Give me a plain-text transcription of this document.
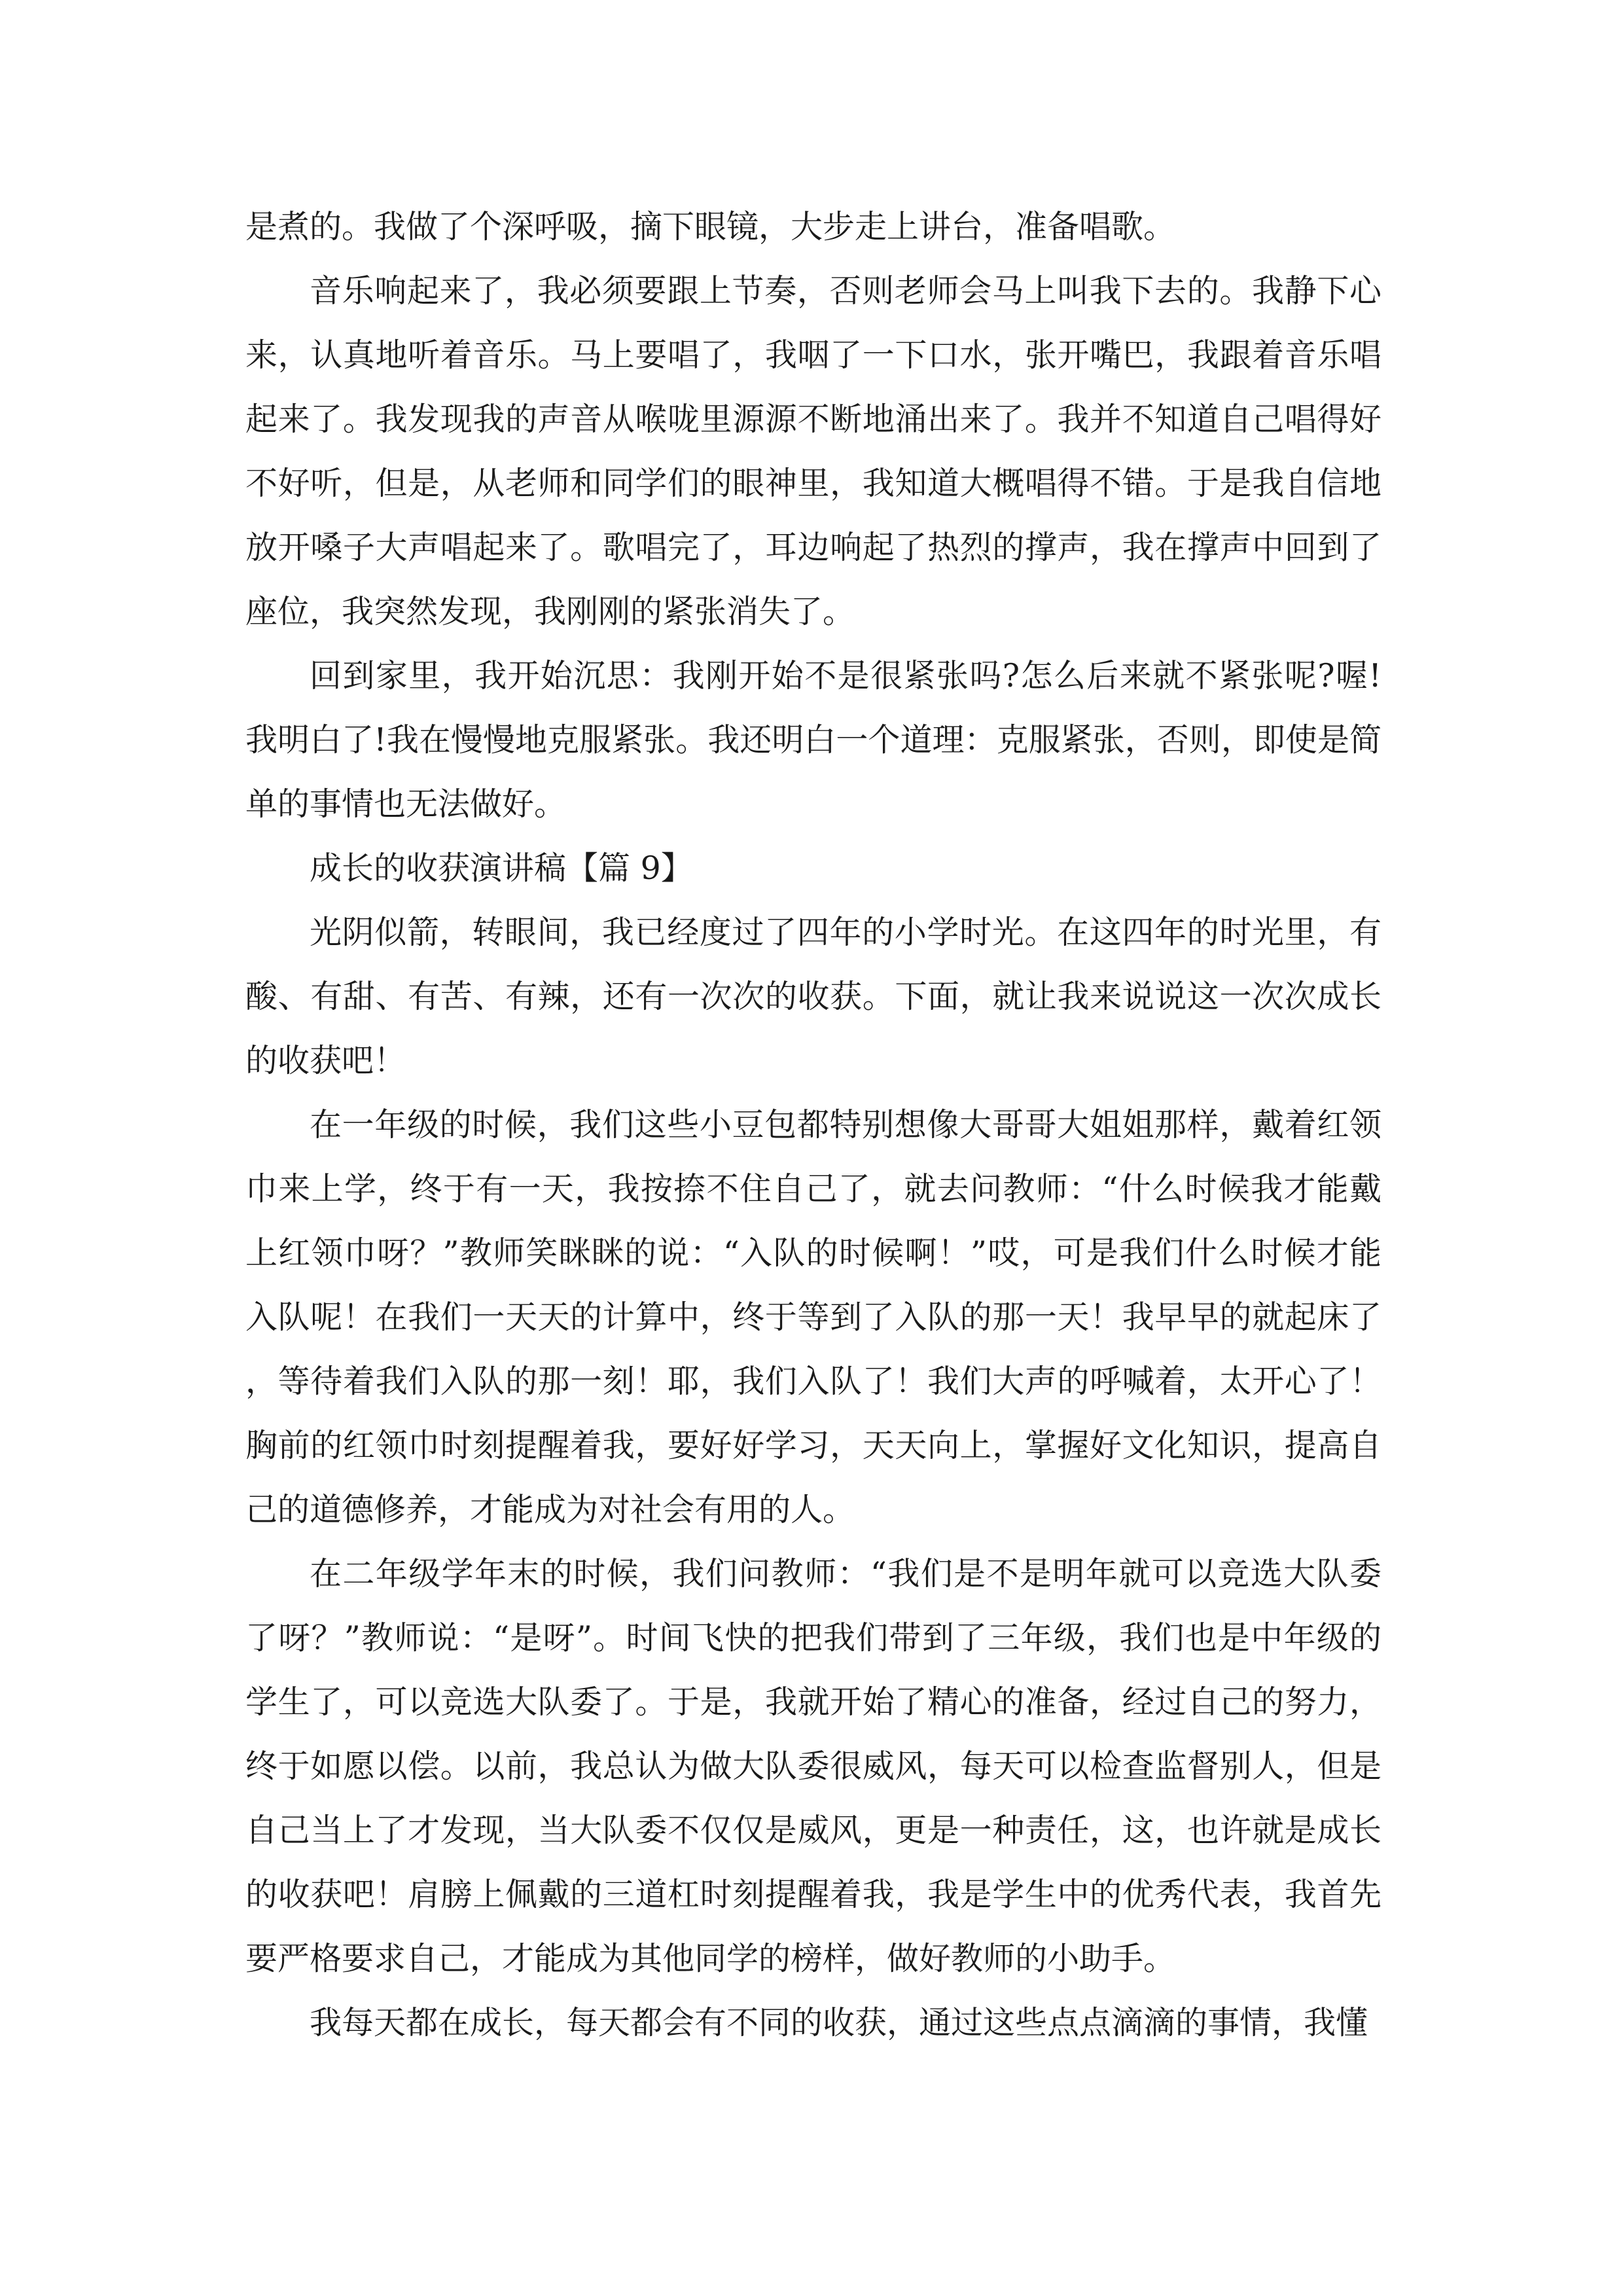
是煮的。我做了个深呼吸，摘下眼镜，大步走上讲台，准备唱歌。

音乐响起来了，我必须要跟上节奏，否则老师会马上叫我下去的。我静下心来，认真地听着音乐。马上要唱了，我咽了一下口水，张开嘴巴，我跟着音乐唱起来了。我发现我的声音从喉咙里源源不断地涌出来了。我并不知道自己唱得好不好听，但是，从老师和同学们的眼神里，我知道大概唱得不错。于是我自信地放开嗓子大声唱起来了。歌唱完了，耳边响起了热烈的撑声，我在撑声中回到了座位，我突然发现，我刚刚的紧张消失了。

回到家里，我开始沉思：我刚开始不是很紧张吗?怎么后来就不紧张呢?喔!我明白了!我在慢慢地克服紧张。我还明白一个道理：克服紧张，否则，即使是简单的事情也无法做好。

成长的收获演讲稿【篇 9】

光阴似箭，转眼间，我已经度过了四年的小学时光。在这四年的时光里，有酸、有甜、有苦、有辣，还有一次次的收获。下面，就让我来说说这一次次成长的收获吧！

在一年级的时候，我们这些小豆包都特别想像大哥哥大姐姐那样，戴着红领巾来上学，终于有一天，我按捺不住自己了，就去问教师：“什么时候我才能戴上红领巾呀？”教师笑眯眯的说：“入队的时候啊！”哎，可是我们什么时候才能入队呢！在我们一天天的计算中，终于等到了入队的那一天！我早早的就起床了，等待着我们入队的那一刻！耶，我们入队了！我们大声的呼喊着，太开心了！胸前的红领巾时刻提醒着我，要好好学习，天天向上，掌握好文化知识，提高自己的道德修养，才能成为对社会有用的人。

在二年级学年末的时候，我们问教师：“我们是不是明年就可以竞选大队委了呀？”教师说：“是呀”。时间飞快的把我们带到了三年级，我们也是中年级的学生了，可以竞选大队委了。于是，我就开始了精心的准备，经过自己的努力，终于如愿以偿。以前，我总认为做大队委很威风，每天可以检查监督别人，但是自己当上了才发现，当大队委不仅仅是威风，更是一种责任，这，也许就是成长的收获吧！肩膀上佩戴的三道杠时刻提醒着我，我是学生中的优秀代表，我首先要严格要求自己，才能成为其他同学的榜样，做好教师的小助手。

我每天都在成长，每天都会有不同的收获，通过这些点点滴滴的事情，我懂
